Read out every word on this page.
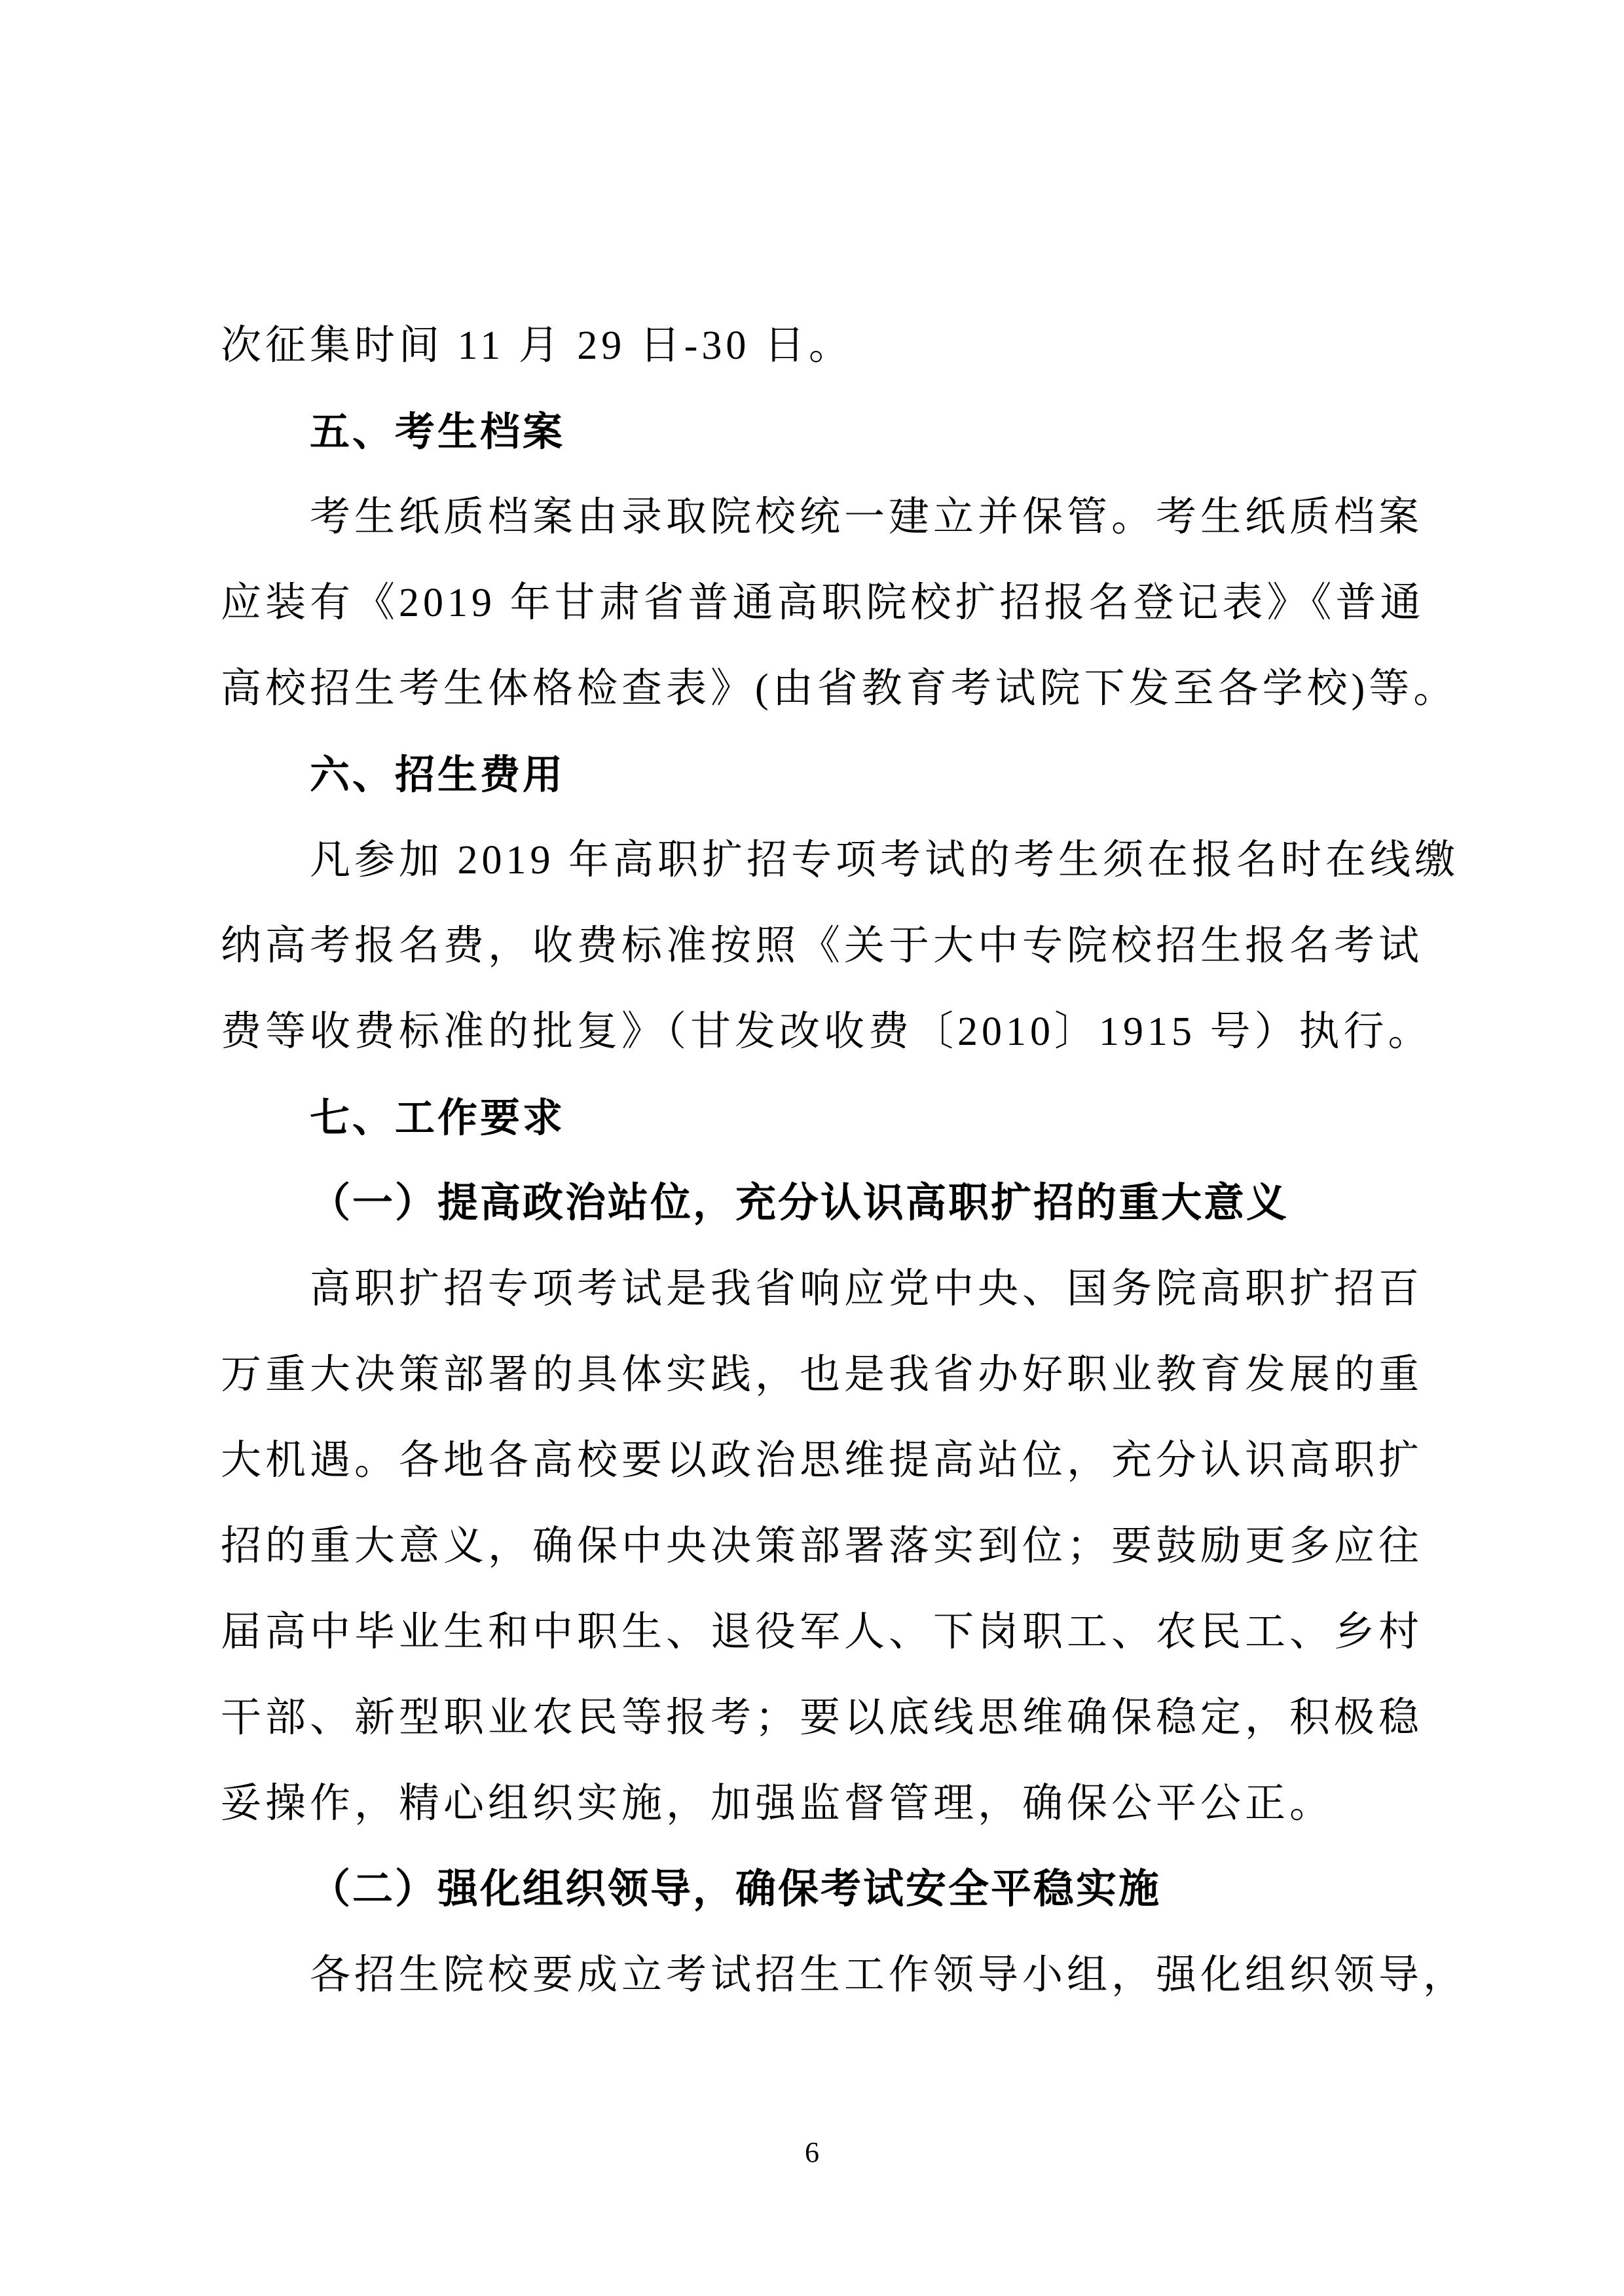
次征集时间 11 月 29 日-30 日。
五、考生档案
考生纸质档案由录取院校统一建立并保管。考生纸质档案
应装有《2019 年甘肃省普通高职院校扩招报名登记表》《普通
高校招生考生体格检查表》(由省教育考试院下发至各学校)等。
六、招生费用
凡参加 2019 年高职扩招专项考试的考生须在报名时在线缴
纳高考报名费，收费标准按照《关于大中专院校招生报名考试
费等收费标准的批复》（甘发改收费〔2010〕1915 号）执行。
七、工作要求
（一）提高政治站位，充分认识高职扩招的重大意义
高职扩招专项考试是我省响应党中央、国务院高职扩招百
万重大决策部署的具体实践，也是我省办好职业教育发展的重
大机遇。各地各高校要以政治思维提高站位，充分认识高职扩
招的重大意义，确保中央决策部署落实到位；要鼓励更多应往
届高中毕业生和中职生、退役军人、下岗职工、农民工、乡村
干部、新型职业农民等报考；要以底线思维确保稳定，积极稳
妥操作，精心组织实施，加强监督管理，确保公平公正。
（二）强化组织领导，确保考试安全平稳实施
各招生院校要成立考试招生工作领导小组，强化组织领导，
6
